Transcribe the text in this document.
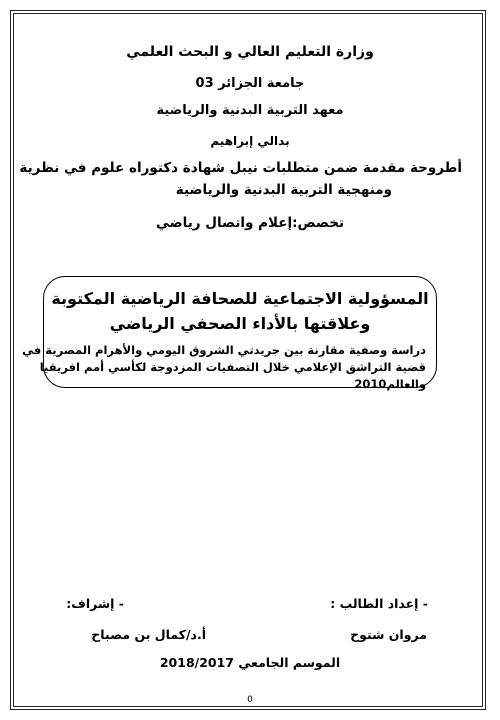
وزارة التعليم العالي و البحث العلمي
جامعة الجزائر 03
معهد التربية البدنية والرياضية
بدالي إبراهيم
أطروحة مقدمة ضمن متطلبات نيبل شهادة دكتوراه علوم في نظرية
ومنهجية التربية البدنية والرياضية
تخصص:إعلام واتصال رياضي
المسؤولية الاجتماعية للصحافة الرياضية المكتوبة
وعلاقتها بالأداء الصحفي الرياضي
دراسة وصفية مقارنة بين جريدتي الشروق اليومي والأهرام المصرية في
قضية التراشق الإعلامي خلال التصفيات المزدوجة لكأسي أمم افريقيا
والعالم2010
- إعداد الطالب :
- إشراف:
مروان شتوح
أ.د/كمال بن مصباح
الموسم الجامعي 2018/2017
0
